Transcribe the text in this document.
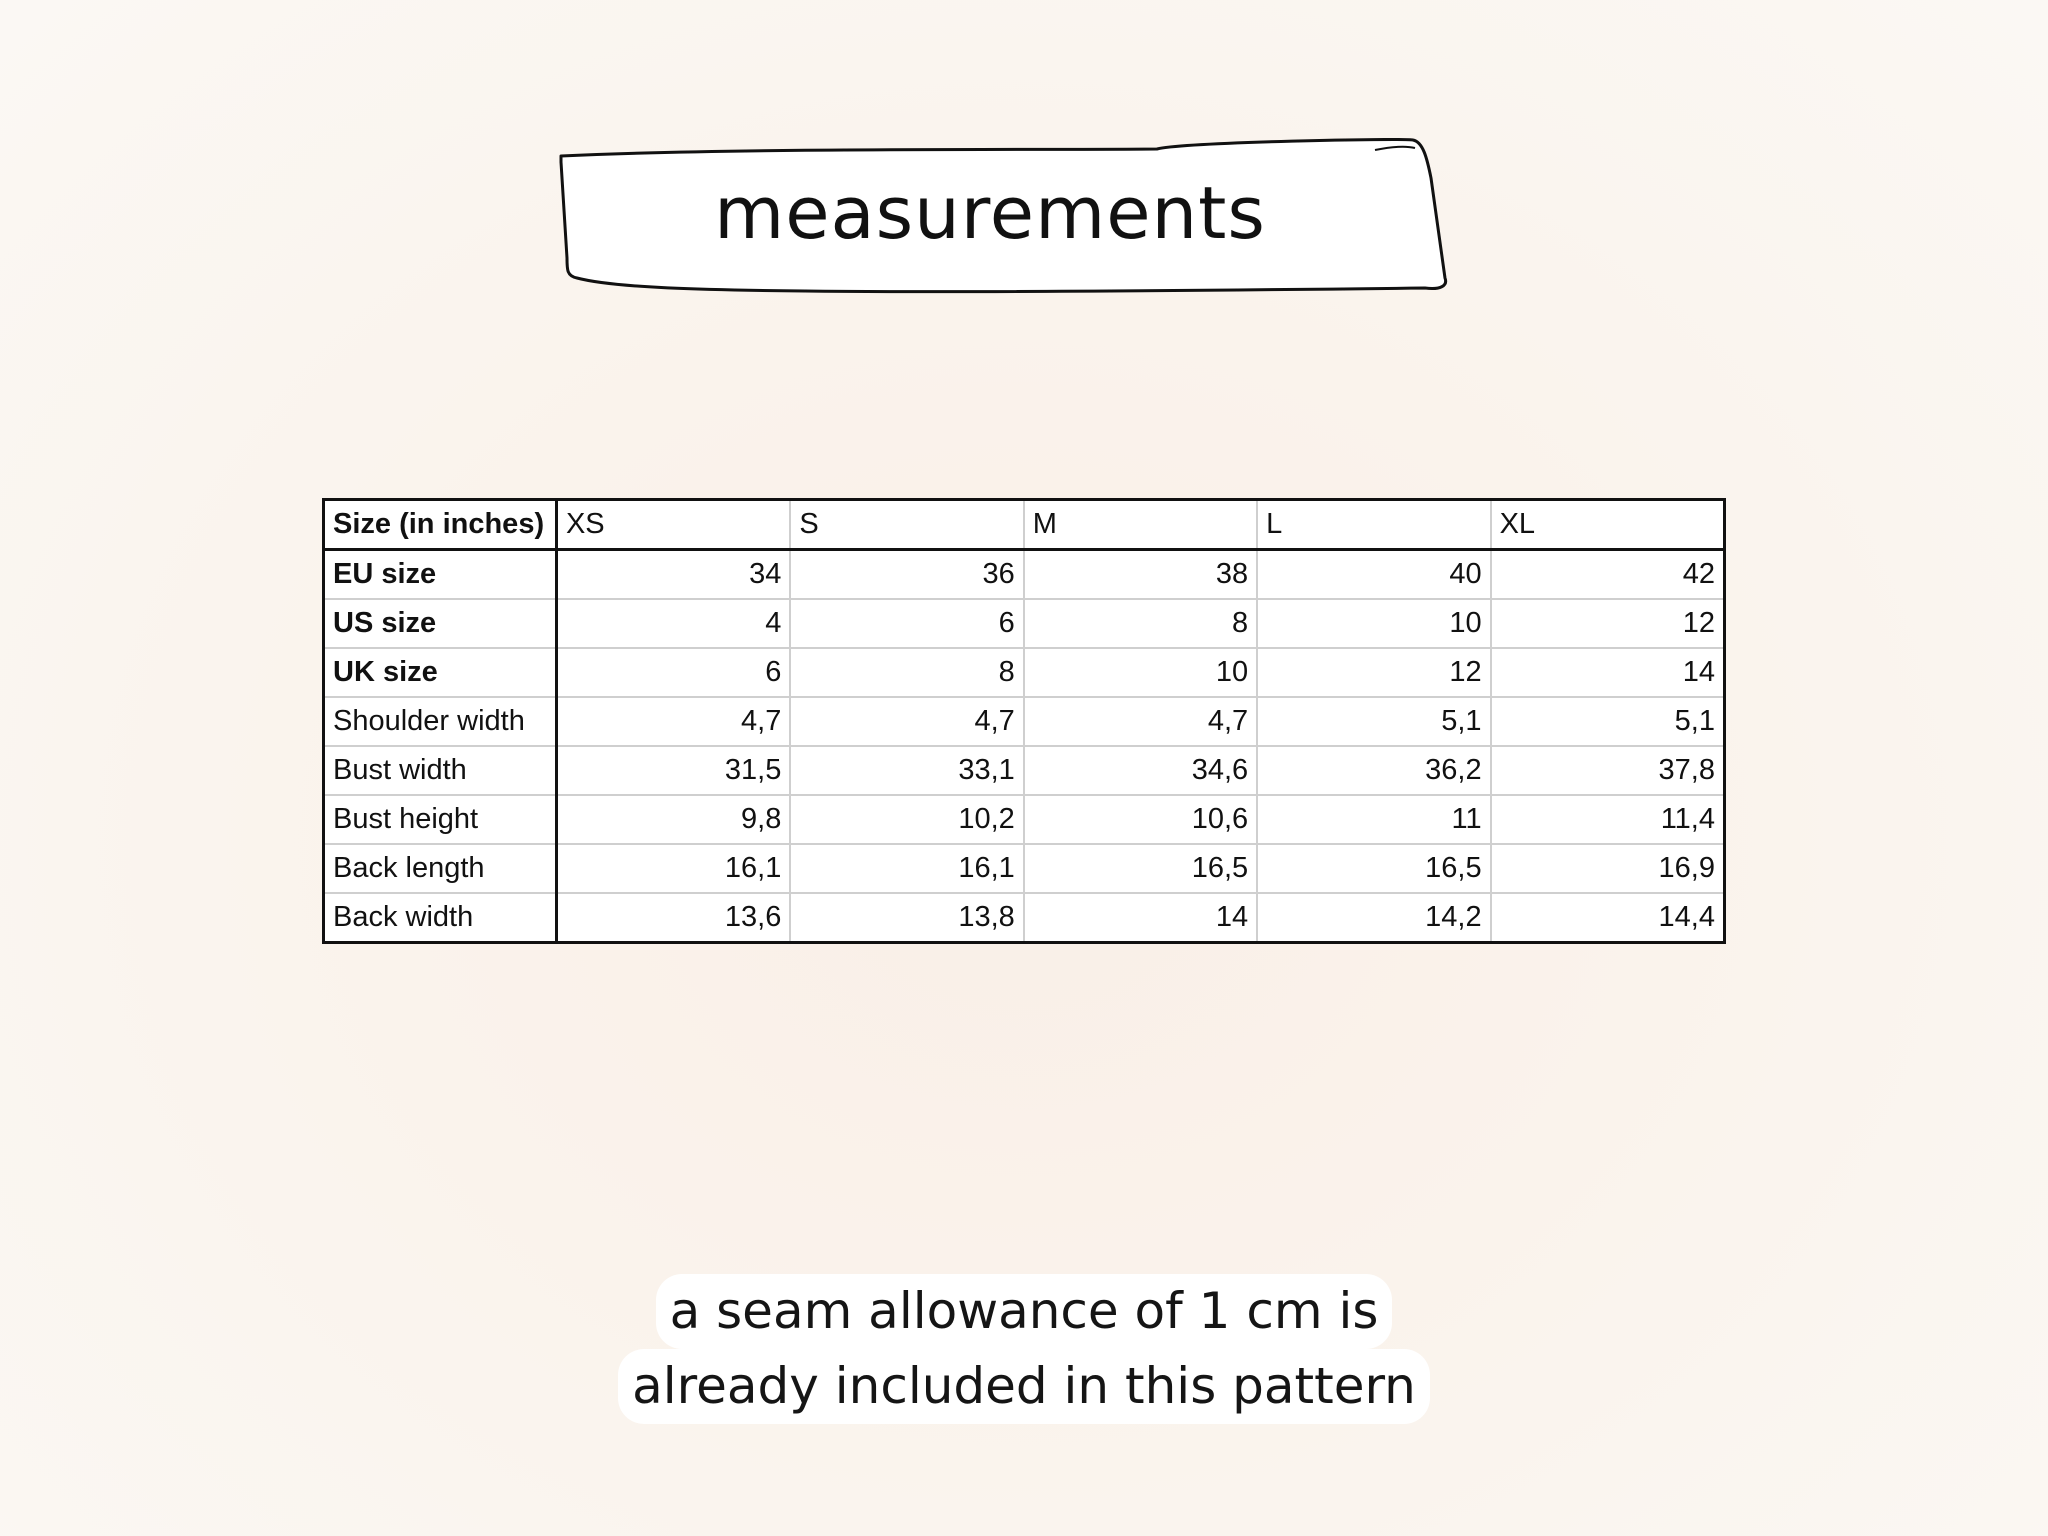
measurements
Size (in inches)	XS	S	M	L	XL
EU size	34	36	38	40	42
US size	4	6	8	10	12
UK size	6	8	10	12	14
Shoulder width	4,7	4,7	4,7	5,1	5,1
Bust width	31,5	33,1	34,6	36,2	37,8
Bust height	9,8	10,2	10,6	11	11,4
Back length	16,1	16,1	16,5	16,5	16,9
Back width	13,6	13,8	14	14,2	14,4
a seam allowance of 1 cm is
already included in this pattern
